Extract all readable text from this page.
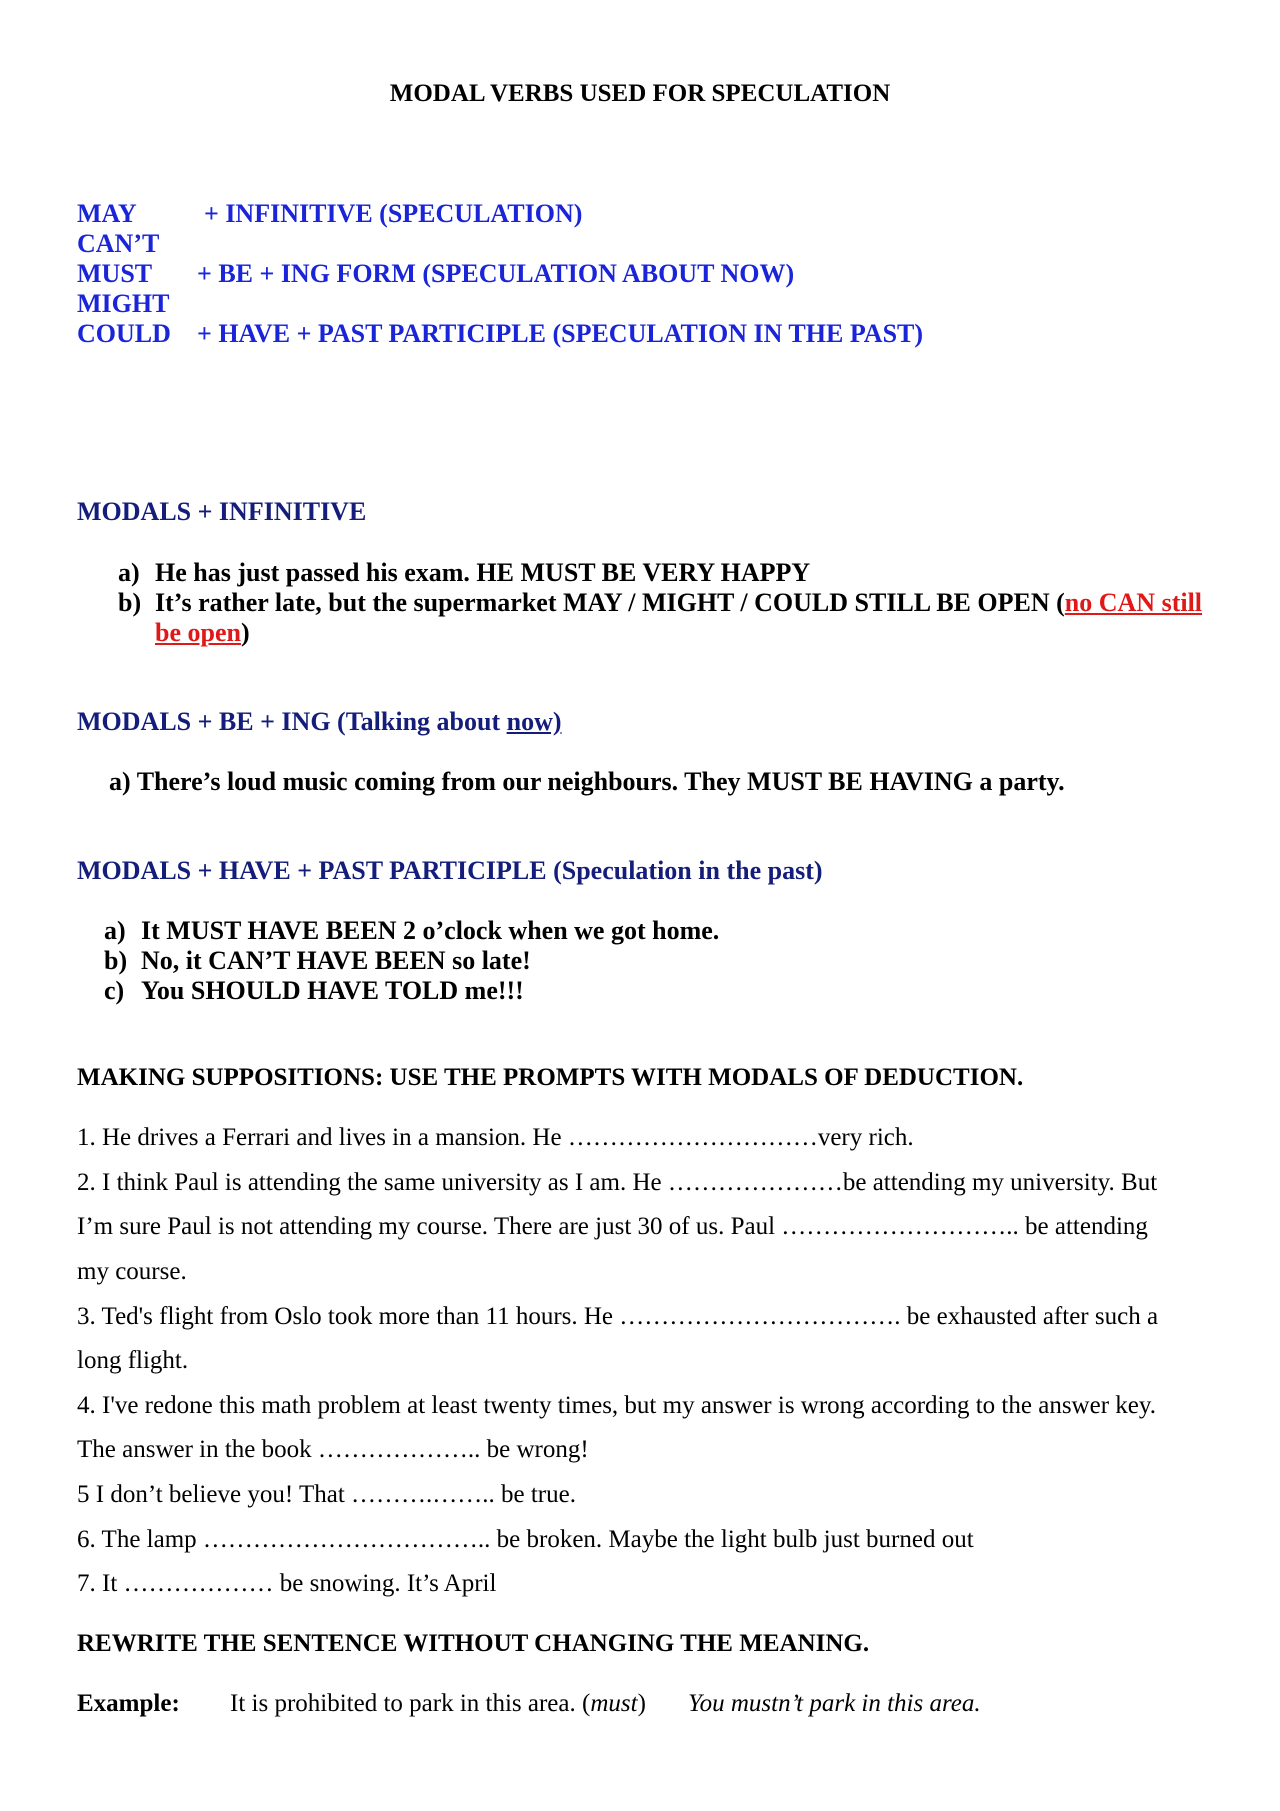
MODAL VERBS USED FOR SPECULATION
MAY	+ INFINITIVE (SPECULATION)
CAN’T
MUST + BE + ING FORM (SPECULATION ABOUT NOW)
MIGHT
COULD + HAVE + PAST PARTICIPLE (SPECULATION IN THE PAST)
MODALS + INFINITIVE
a) He has just passed his exam. HE MUST BE VERY HAPPY
b) It’s rather late, but the supermarket MAY / MIGHT / COULD STILL BE OPEN (no CAN still
be open)
MODALS + BE + ING (Talking about now)
a) There’s loud music coming from our neighbours. They MUST BE HAVING a party.
MODALS + HAVE + PAST PARTICIPLE (Speculation in the past)
a) It MUST HAVE BEEN 2 o’clock when we got home.
b) No, it CAN’T HAVE BEEN so late!
c) You SHOULD HAVE TOLD me!!!
MAKING SUPPOSITIONS: USE THE PROMPTS WITH MODALS OF DEDUCTION.
1. He drives a Ferrari and lives in a mansion. He …………………………very rich.
2. I think Paul is attending the same university as I am. He …………………be attending my university. But
I’m sure Paul is not attending my course. There are just 30 of us. Paul ……………………….. be attending
my course.
3. Ted's flight from Oslo took more than 11 hours. He ……………………………. be exhausted after such a
long flight.
4. I've redone this math problem at least twenty times, but my answer is wrong according to the answer key.
The answer in the book ……………….. be wrong!
5 I don’t believe you! That ……….…….. be true.
6. The lamp …………………………….. be broken. Maybe the light bulb just burned out
7. It ……………… be snowing. It’s April
REWRITE THE SENTENCE WITHOUT CHANGING THE MEANING.
Example: It is prohibited to park in this area. (must) You mustn’t park in this area.
